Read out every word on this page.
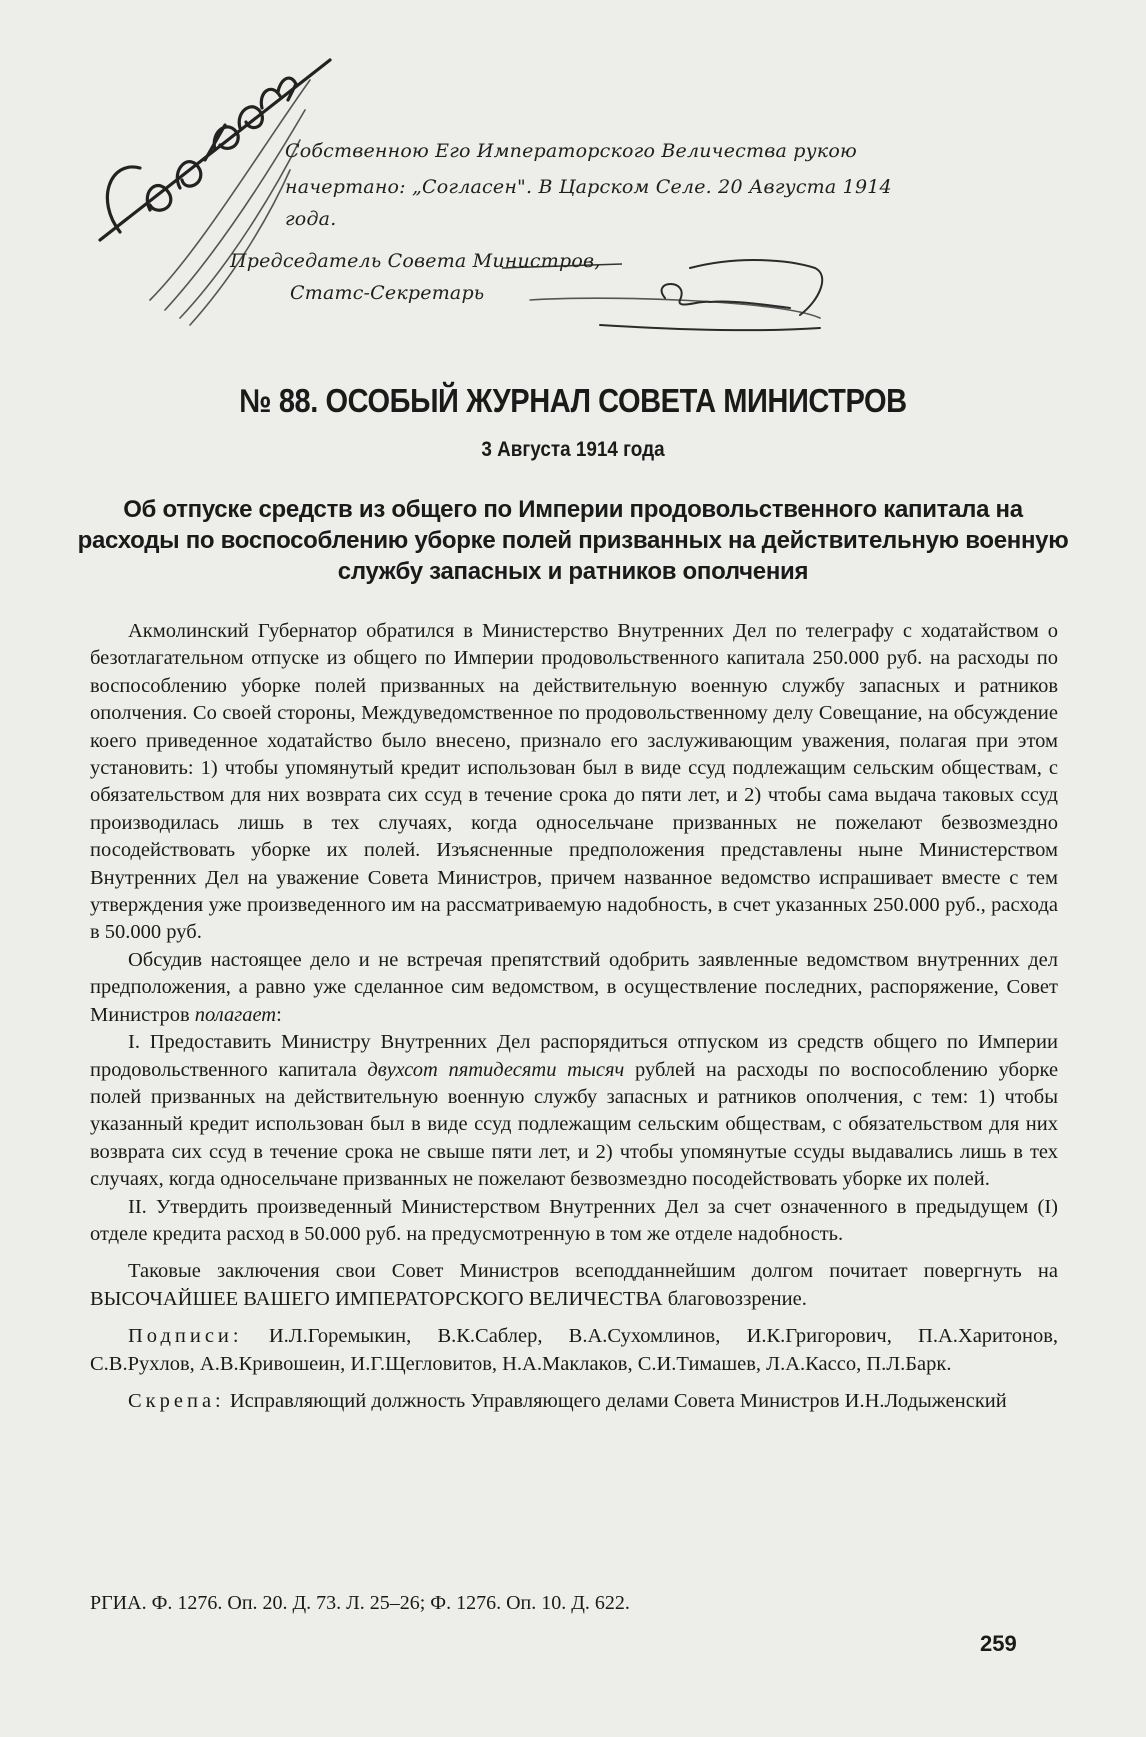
Собственною Его Императорского Величества рукою
начертано: „Согласен". В Царском Селе. 20 Августа 1914
года.
Председатель Совета Министров,
Статс-Секретарь
№ 88. ОСОБЫЙ ЖУРНАЛ СОВЕТА МИНИСТРОВ
3 Августа 1914 года
Об отпуске средств из общего по Империи продовольственного капитала на расходы по воспособлению уборке полей призванных на действительную военную службу запасных и ратников ополчения

Акмолинский Губернатор обратился в Министерство Внутренних Дел по телеграфу с ходатайством о безотлагательном отпуске из общего по Империи продовольственного капитала 250.000 руб. на расходы по воспособлению уборке полей призванных на действительную военную службу запасных и ратников ополчения. Со своей стороны, Междуведомственное по продовольственному делу Совещание, на обсуждение коего приведенное ходатайство было внесено, признало его заслуживающим уважения, полагая при этом установить: 1) чтобы упомянутый кредит использован был в виде ссуд подлежащим сельским обществам, с обязательством для них возврата сих ссуд в течение срока до пяти лет, и 2) чтобы сама выдача таковых ссуд производилась лишь в тех случаях, когда односельчане призванных не пожелают безвозмездно посодействовать уборке их полей. Изъясненные предположения представлены ныне Министерством Внутренних Дел на уважение Совета Министров, причем названное ведомство испрашивает вместе с тем утверждения уже произведенного им на рассматриваемую надобность, в счет указанных 250.000 руб., расхода в 50.000 руб.

Обсудив настоящее дело и не встречая препятствий одобрить заявленные ведомством внутренних дел предположения, а равно уже сделанное сим ведомством, в осуществление последних, распоряжение, Совет Министров полагает:

I. Предоставить Министру Внутренних Дел распорядиться отпуском из средств общего по Империи продовольственного капитала двухсот пятидесяти тысяч рублей на расходы по воспособлению уборке полей призванных на действительную военную службу запасных и ратников ополчения, с тем: 1) чтобы указанный кредит использован был в виде ссуд подлежащим сельским обществам, с обязательством для них возврата сих ссуд в течение срока не свыше пяти лет, и 2) чтобы упомянутые ссуды выдавались лишь в тех случаях, когда односельчане призванных не пожелают безвозмездно посодействовать уборке их полей.

II. Утвердить произведенный Министерством Внутренних Дел за счет означенного в предыдущем (I) отделе кредита расход в 50.000 руб. на предусмотренную в том же отделе надобность.

Таковые заключения свои Совет Министров всеподданнейшим долгом почитает повергнуть на ВЫСОЧАЙШЕЕ ВАШЕГО ИМПЕРАТОРСКОГО ВЕЛИЧЕСТВА благовоззрение.

Подписи: И.Л.Горемыкин, В.К.Саблер, В.А.Сухомлинов, И.К.Григорович, П.А.Харитонов, С.В.Рухлов, А.В.Кривошеин, И.Г.Щегловитов, Н.А.Маклаков, С.И.Тимашев, Л.А.Кассо, П.Л.Барк.

Скрепа: Исправляющий должность Управляющего делами Совета Министров И.Н.Лодыженский

РГИА. Ф. 1276. Оп. 20. Д. 73. Л. 25–26; Ф. 1276. Оп. 10. Д. 622.
259
